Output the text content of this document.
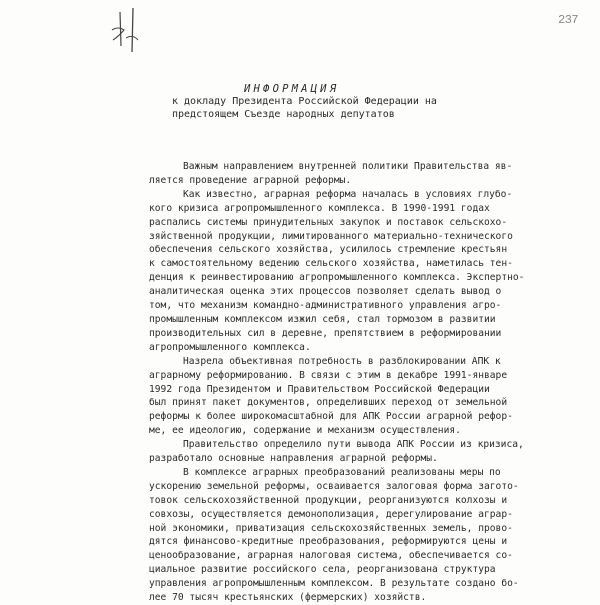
237
ИНФОРМАЦИЯ
к докладу Президента Российской Федерации на
предстоящем Съезде народных депутатов
Важным направлением внутренней политики Правительства яв-
ляется проведение аграрной реформы.
Как известно, аграрная реформа началась в условиях глубо-
кого кризиса агропромышленного комплекса. В 1990-1991 годах
распались системы принудительных закупок и поставок сельскохо-
зяйственной продукции, лимитированного материально-технического
обеспечения сельского хозяйства, усилилось стремление крестьян
к самостоятельному ведению сельского хозяйства, наметилась тен-
денция к реинвестированию агропромышленного комплекса. Экспертно-
аналитическая оценка этих процессов позволяет сделать вывод о
том, что механизм командно-административного управления агро-
промышленным комплексом изжил себя, стал тормозом в развитии
производительных сил в деревне, препятствием в реформировании
агропромышленного комплекса.
Назрела объективная потребность в разблокировании АПК к
аграрному реформированию. В связи с этим в декабре 1991-январе
1992 года Президентом и Правительством Российской Федерации
был принят пакет документов, определивших переход от земельной
реформы к более широкомасштабной для АПК России аграрной рефор-
ме, ее идеологию, содержание и механизм осуществления.
Правительство определило пути вывода АПК России из кризиса,
разработало основные направления аграрной реформы.
В комплексе аграрных преобразований реализованы меры по
ускорению земельной реформы, осваивается залоговая форма загото-
товок сельскохозяйственной продукции, реорганизуются колхозы и
совхозы, осуществляется демонополизация, дерегулирование аграр-
ной экономики, приватизация сельскохозяйственных земель, прово-
дятся финансово-кредитные преобразования, реформируются цены и
ценообразование, аграрная налоговая система, обеспечивается со-
циальное развитие российского села, реорганизована структура
управления агропромышленным комплексом. В результате создано бо-
лее 70 тысяч крестьянских (фермерских) хозяйств.
